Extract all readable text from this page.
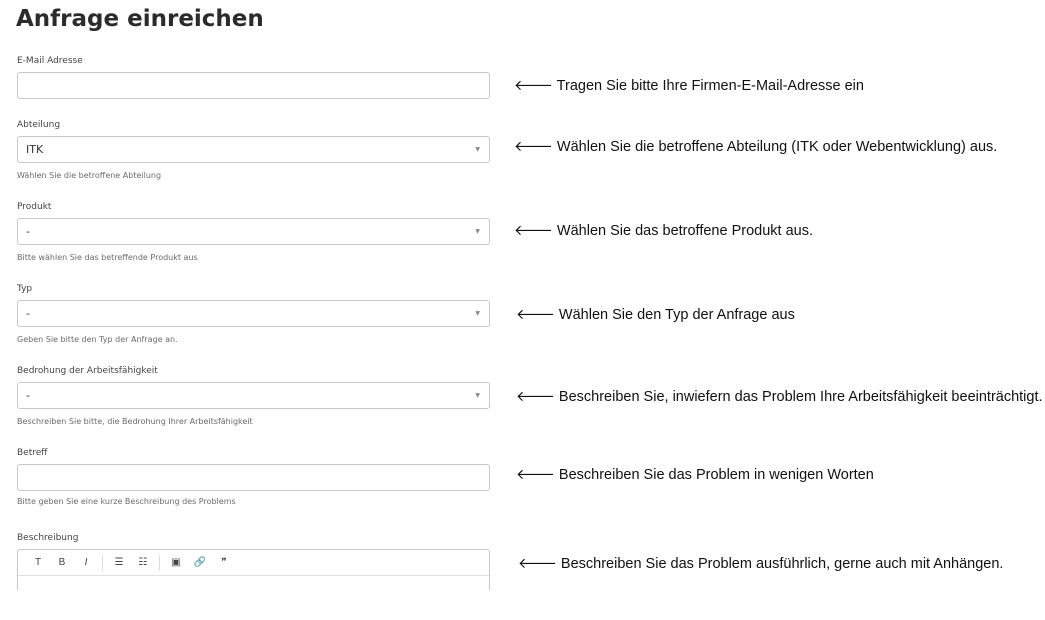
Anfrage einreichen
E-Mail Adresse
Abteilung
ITK	▼
Wählen Sie die betroffene Abteilung
Produkt
-	▼
Bitte wählen Sie das betreffende Produkt aus
Typ
-	▼
Geben Sie bitte den Typ der Anfrage an.
Bedrohung der Arbeitsfähigkeit
-	▼
Beschreiben Sie bitte, die Bedrohung Ihrer Arbeitsfähigkeit
Betreff
Bitte geben Sie eine kurze Beschreibung des Problems
Beschreibung
T	B	I	☰	☷	▣	🔗	❞
🡐 Tragen Sie bitte Ihre Firmen-E-Mail-Adresse ein
🡐 Wählen Sie die betroffene Abteilung (ITK oder Webentwicklung) aus.
🡐 Wählen Sie das betroffene Produkt aus.
🡐 Wählen Sie den Typ der Anfrage aus
🡐 Beschreiben Sie, inwiefern das Problem Ihre Arbeitsfähigkeit beeinträchtigt.
🡐 Beschreiben Sie das Problem in wenigen Worten
🡐 Beschreiben Sie das Problem ausführlich, gerne auch mit Anhängen.
